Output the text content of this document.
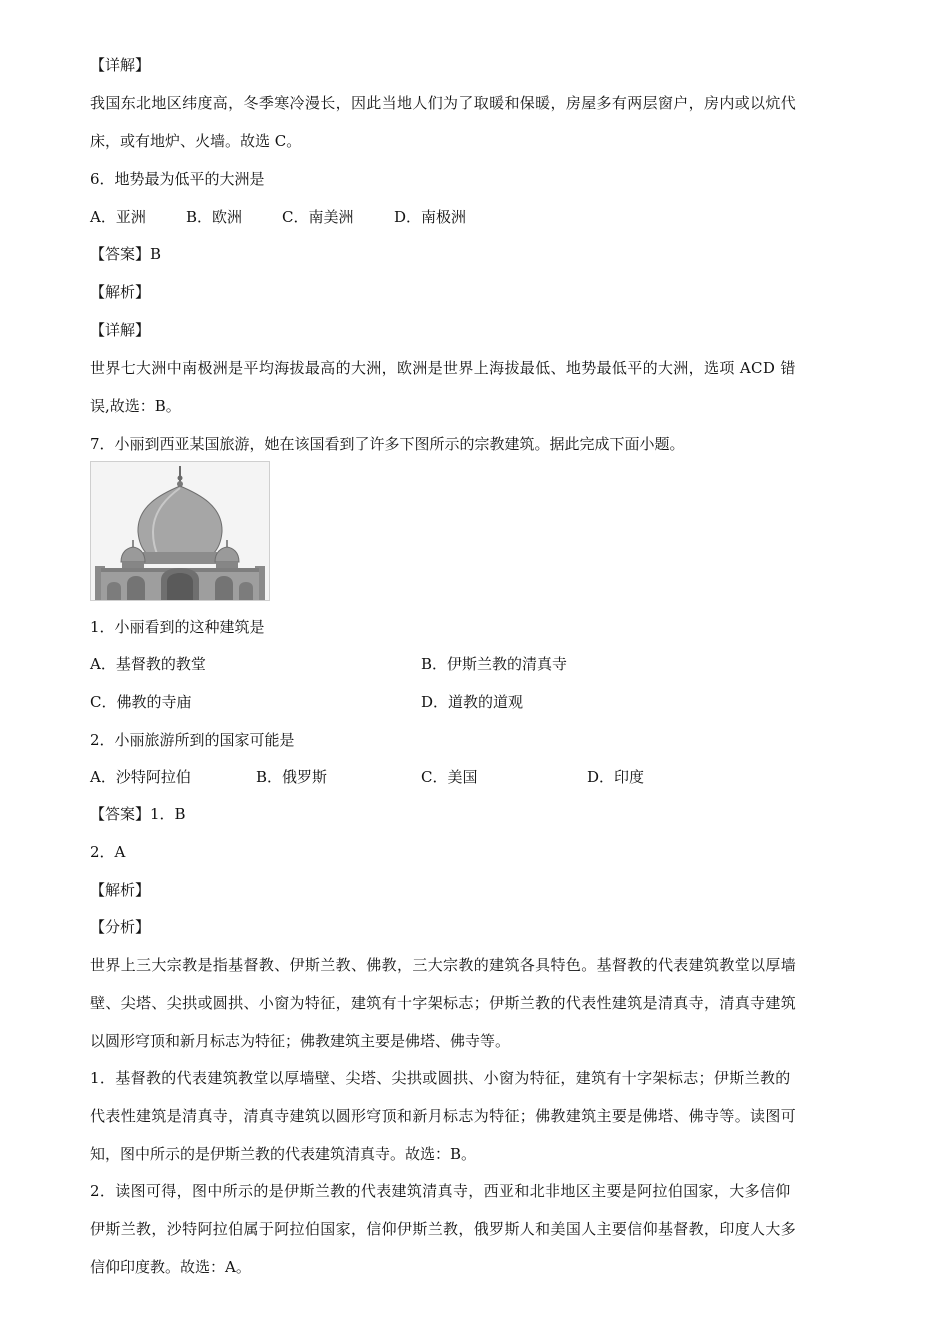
【详解】
我国东北地区纬度高，冬季寒冷漫长，因此当地人们为了取暖和保暖，房屋多有两层窗户，房内或以炕代
床，或有地炉、火墙。故选 C。
6．地势最为低平的大洲是
A．亚洲	B．欧洲	C．南美洲	D．南极洲
【答案】B
【解析】
【详解】
世界七大洲中南极洲是平均海拔最高的大洲，欧洲是世界上海拔最低、地势最低平的大洲，选项 ACD 错
误,故选：B。
7．小丽到西亚某国旅游，她在该国看到了许多下图所示的宗教建筑。据此完成下面小题。
1．小丽看到的这种建筑是
A．基督教的教堂	B．伊斯兰教的清真寺
C．佛教的寺庙	D．道教的道观
2．小丽旅游所到的国家可能是
A．沙特阿拉伯	B．俄罗斯	C．美国	D．印度
【答案】1．B
2．A
【解析】
【分析】
世界上三大宗教是指基督教、伊斯兰教、佛教，三大宗教的建筑各具特色。基督教的代表建筑教堂以厚墙
壁、尖塔、尖拱或圆拱、小窗为特征，建筑有十字架标志；伊斯兰教的代表性建筑是清真寺，清真寺建筑
以圆形穹顶和新月标志为特征；佛教建筑主要是佛塔、佛寺等。
1．基督教的代表建筑教堂以厚墙壁、尖塔、尖拱或圆拱、小窗为特征，建筑有十字架标志；伊斯兰教的
代表性建筑是清真寺，清真寺建筑以圆形穹顶和新月标志为特征；佛教建筑主要是佛塔、佛寺等。读图可
知，图中所示的是伊斯兰教的代表建筑清真寺。故选：B。
2．读图可得，图中所示的是伊斯兰教的代表建筑清真寺，西亚和北非地区主要是阿拉伯国家，大多信仰
伊斯兰教，沙特阿拉伯属于阿拉伯国家，信仰伊斯兰教，俄罗斯人和美国人主要信仰基督教，印度人大多
信仰印度教。故选：A。
